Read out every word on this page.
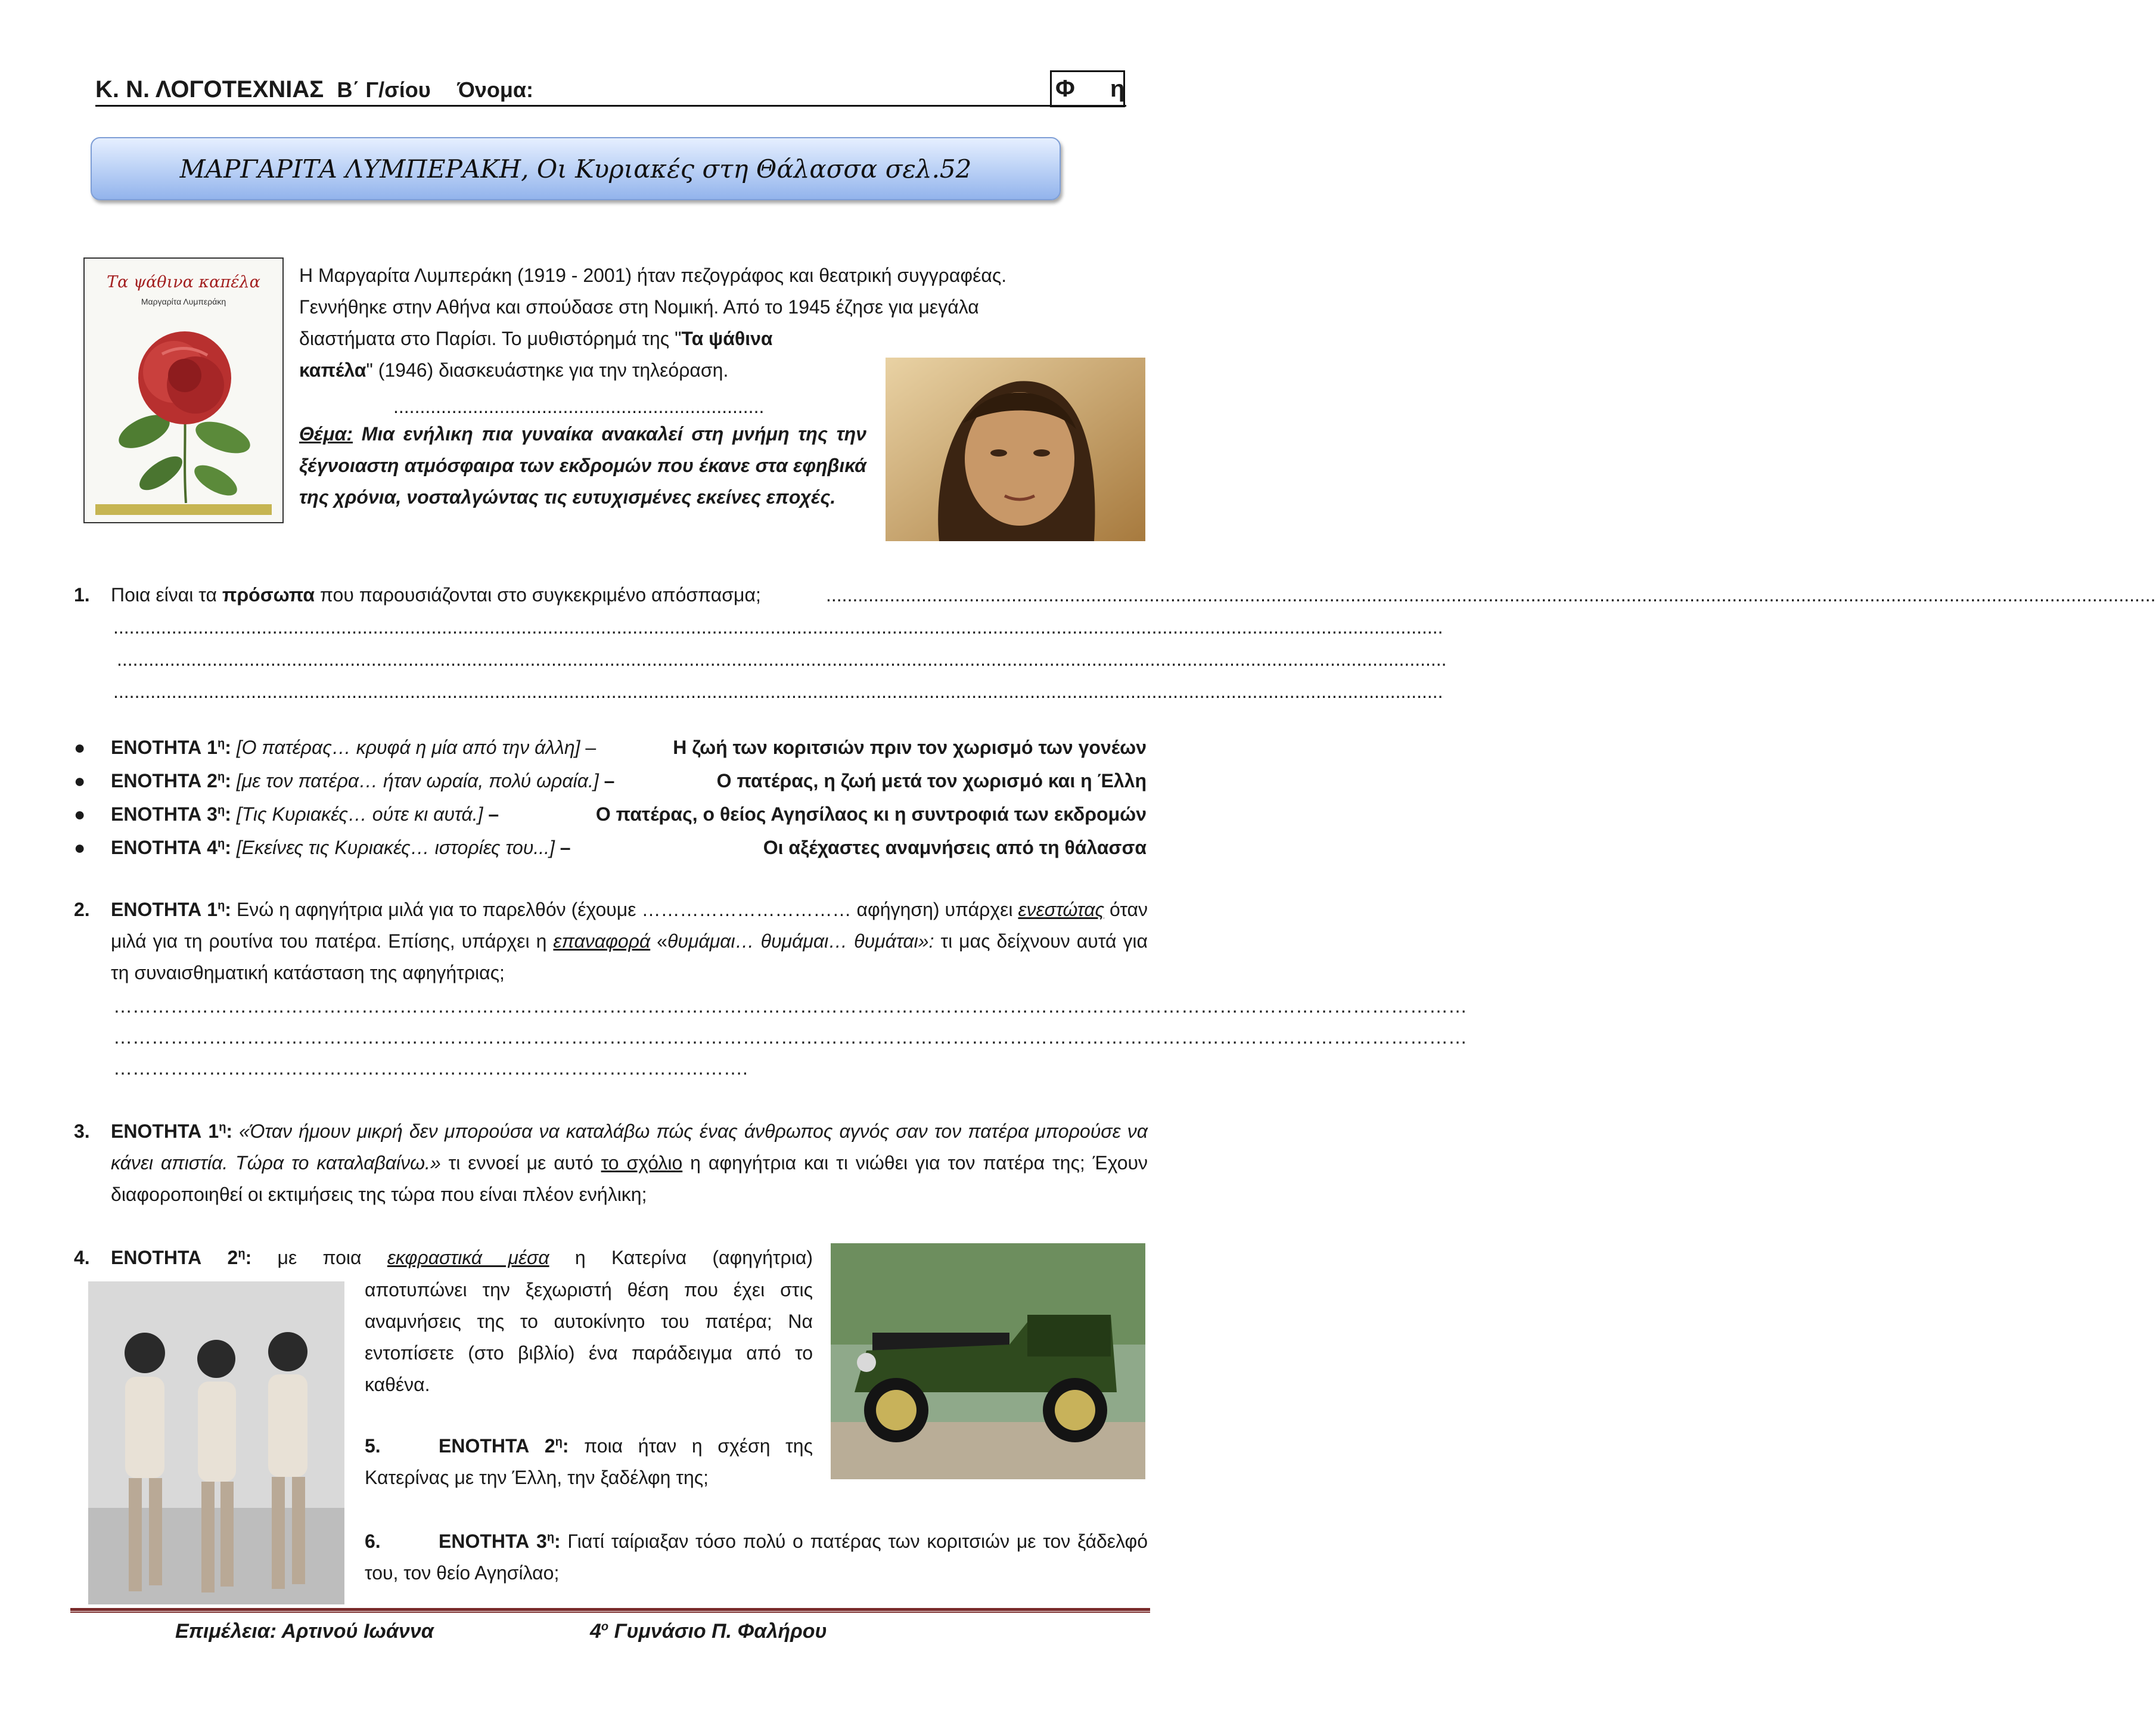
Κ. Ν. ΛΟΓΟΤΕΧΝΙΑΣ Β΄ Γ/σίου Όνομα:	Φ η
ΜΑΡΓΑΡΙΤΑ ΛΥΜΠΕΡΑΚΗ, Οι Κυριακές στη Θάλασσα σελ.52
Τα ψάθινα καπέλα
Μαργαρίτα Λυμπεράκη

Η Μαργαρίτα Λυμπεράκη (1919 - 2001) ήταν πεζογράφος και θεατρική συγγραφέας.

Γεννήθηκε στην Αθήνα και σπούδασε στη Νομική. Από το 1945 έζησε για μεγάλα

διαστήματα στο Παρίσι. Το μυθιστόρημά της "Τα ψάθινα

καπέλα" (1946) διασκευάστηκε για την τηλεόραση.

......................................................................
Θέμα: Μια ενήλικη πια γυναίκα ανακαλεί στη μνήμη της την ξέγνοιαστη ατμόσφαιρα των εκδρομών που έκανε στα εφηβικά της χρόνια, νοσταλγώντας τις ευτυχισμένες εκείνες εποχές.
1. Ποια είναι τα πρόσωπα που παρουσιάζονται στο συγκεκριμένο απόσπασμα;	...........................................................................................................................................................................................................................................................
...........................................................................................................................................................................................................................................................
...........................................................................................................................................................................................................................................................
...........................................................................................................................................................................................................................................................
● ΕΝΟΤΗΤΑ $1^\eta$: [Ο πατέρας… κρυφά η μία από την άλλη] –	Η ζωή των κοριτσιών πριν τον χωρισμό των γονέων
● ΕΝΟΤΗΤΑ $2^\eta$: [με τον πατέρα… ήταν ωραία, πολύ ωραία.] –	Ο πατέρας, η ζωή μετά τον χωρισμό και η Έλλη
● ΕΝΟΤΗΤΑ $3^\eta$: [Τις Κυριακές… ούτε κι αυτά.] –	Ο πατέρας, ο θείος Αγησίλαος κι η συντροφιά των εκδρομών
● ΕΝΟΤΗΤΑ $4^\eta$: [Εκείνες τις Κυριακές… ιστορίες του...] –	Οι αξέχαστες αναμνήσεις από τη θάλασσα
2.	ΕΝΟΤΗΤΑ $1^\eta$: Ενώ η αφηγήτρια μιλά για το παρελθόν (έχουμε …………………………… αφήγηση) υπάρχει ενεστώτας όταν μιλά για τη ρουτίνα του πατέρα. Επίσης, υπάρχει η επαναφορά «θυμάμαι… θυμάμαι… θυμάται»: τι μας δείχνουν αυτά για τη συναισθηματική κατάσταση της αφηγήτριας;
……………………………………………………………………………………………………………………………………………………………………………………………
……………………………………………………………………………………………………………………………………………………………………………………………
……………………………………………………………………………………….
3.	ΕΝΟΤΗΤΑ $1^\eta$: «Όταν ήμουν μικρή δεν μπορούσα να καταλάβω πώς ένας άνθρωπος αγνός σαν τον πατέρα μπορούσε να κάνει απιστία. Τώρα το καταλαβαίνω.» τι εννοεί με αυτό το σχόλιο η αφηγήτρια και τι νιώθει για τον πατέρα της; Έχουν διαφοροποιηθεί οι εκτιμήσεις της τώρα που είναι πλέον ενήλικη;
4.	ΕΝΟΤΗΤΑ $2^\eta$: με ποια εκφραστικά μέσα η Κατερίνα (αφηγήτρια)
αποτυπώνει την ξεχωριστή θέση που έχει στις αναμνήσεις της το αυτοκίνητο του πατέρα; Να εντοπίσετε (στο βιβλίο) ένα παράδειγμα από το καθένα.
5.	ΕΝΟΤΗΤΑ $2^\eta$: ποια ήταν η σχέση της Κατερίνας με την Έλλη, την ξαδέλφη της;
6.	ΕΝΟΤΗΤΑ $3^\eta$: Γιατί ταίριαξαν τόσο πολύ ο πατέρας των κοριτσιών με τον ξάδελφό του, τον θείο Αγησίλαο;
Επιμέλεια: Αρτινού Ιωάννα	$4^o$ Γυμνάσιο Π. Φαλήρου
